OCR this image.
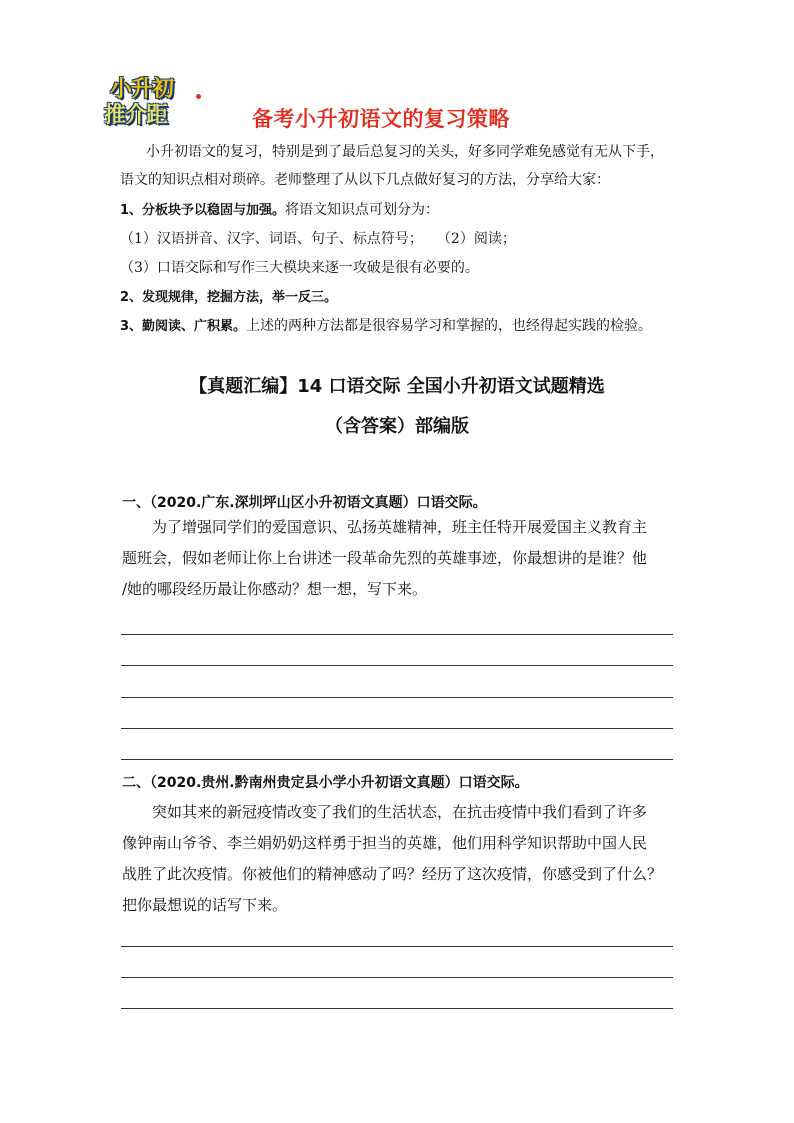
小升初
推介距	备考小升初语文的复习策略
小升初语文的复习，特别是到了最后总复习的关头，好多同学难免感觉有无从下手，
语文的知识点相对琐碎。老师整理了从以下几点做好复习的方法，分享给大家：
1、分板块予以稳固与加强。将语文知识点可划分为：
（1）汉语拼音、汉字、词语、句子、标点符号；　　（2）阅读；
（3）口语交际和写作三大模块来逐一攻破是很有必要的。
2、发现规律，挖掘方法，举一反三。
3、勤阅读、广积累。上述的两种方法都是很容易学习和掌握的，也经得起实践的检验。
【真题汇编】14 口语交际 全国小升初语文试题精选
（含答案）部编版
一、（2020.广东.深圳坪山区小升初语文真题）口语交际。
　　为了增强同学们的爱国意识、弘扬英雄精神，班主任特开展爱国主义教育主
题班会，假如老师让你上台讲述一段革命先烈的英雄事迹，你最想讲的是谁？他
/她的哪段经历最让你感动？想一想，写下来。
二、（2020.贵州.黔南州贵定县小学小升初语文真题）口语交际。
　　突如其来的新冠疫情改变了我们的生活状态，在抗击疫情中我们看到了许多
像钟南山爷爷、李兰娟奶奶这样勇于担当的英雄，他们用科学知识帮助中国人民
战胜了此次疫情。你被他们的精神感动了吗？经历了这次疫情，你感受到了什么？
把你最想说的话写下来。
